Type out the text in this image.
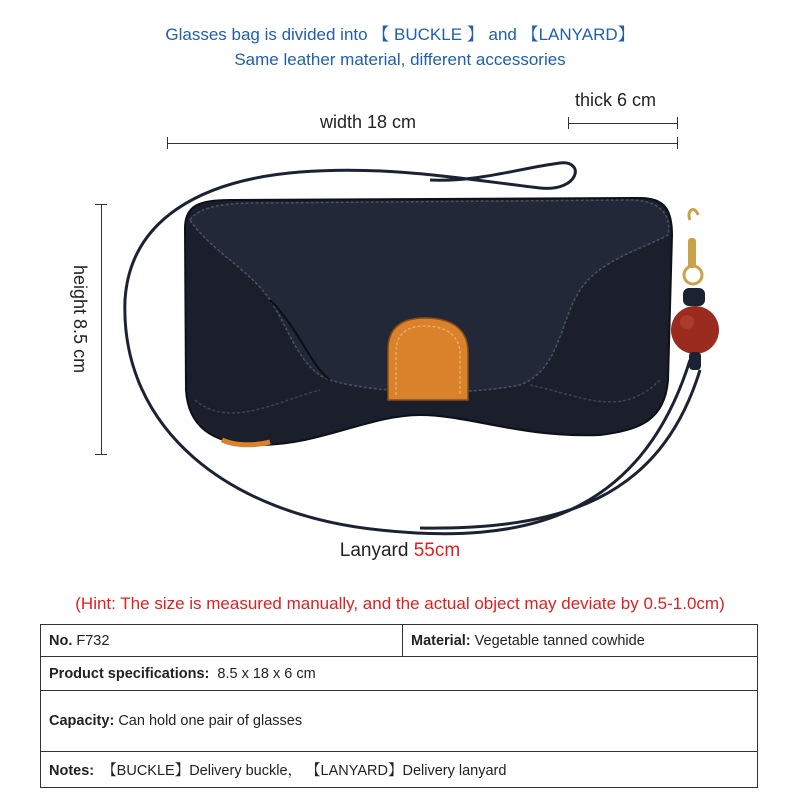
Glasses bag is divided into 【 BUCKLE 】 and 【LANYARD】
Same leather material, different accessories
width 18 cm
thick 6 cm
height 8.5 cm
Lanyard 55cm
(Hint: The size is measured manually, and the actual object may deviate by 0.5-1.0cm)
No. F732	Material: Vegetable tanned cowhide
Product specifications: 8.5 x 18 x 6 cm
Capacity: Can hold one pair of glasses
Notes: 【BUCKLE】Delivery buckle， 【LANYARD】Delivery lanyard
